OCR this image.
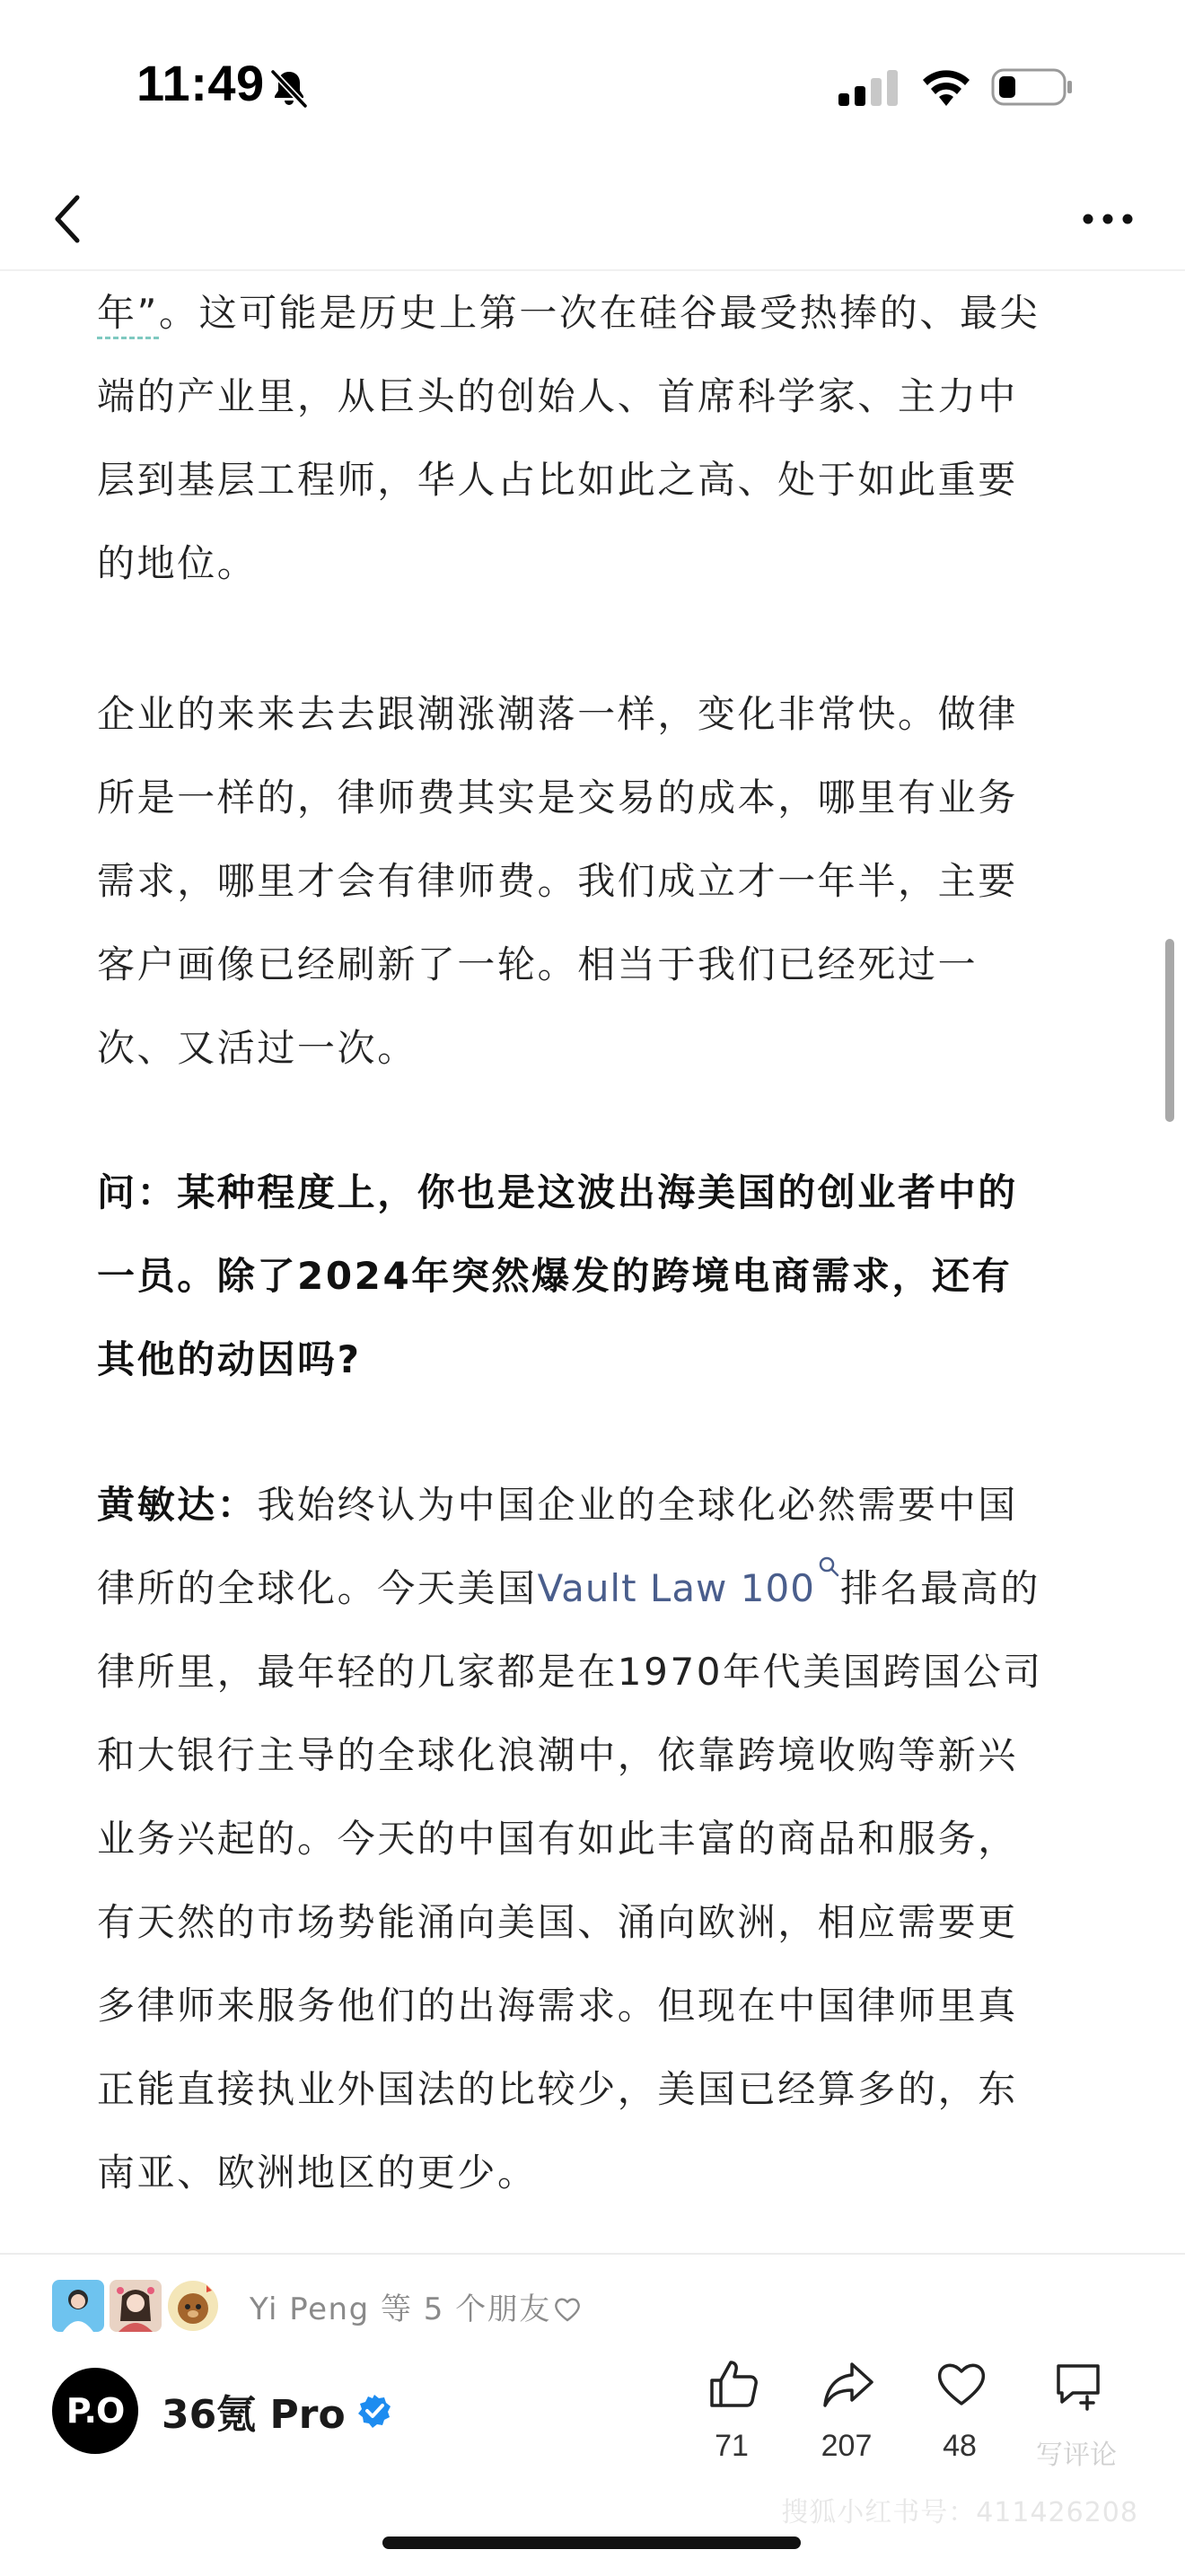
11:49
年”。这可能是历史上第一次在硅谷最受热捧的、最尖
端的产业里，从巨头的创始人、首席科学家、主力中
层到基层工程师，华人占比如此之高、处于如此重要
的地位。
企业的来来去去跟潮涨潮落一样，变化非常快。做律
所是一样的，律师费其实是交易的成本，哪里有业务
需求，哪里才会有律师费。我们成立才一年半，主要
客户画像已经刷新了一轮。相当于我们已经死过一
次、又活过一次。
问：某种程度上，你也是这波出海美国的创业者中的
一员。除了2024年突然爆发的跨境电商需求，还有
其他的动因吗?
黄敏达：我始终认为中国企业的全球化必然需要中国
律所的全球化。今天美国Vault Law 100 排名最高的
律所里，最年轻的几家都是在1970年代美国跨国公司
和大银行主导的全球化浪潮中，依靠跨境收购等新兴
业务兴起的。今天的中国有如此丰富的商品和服务，
有天然的市场势能涌向美国、涌向欧洲，相应需要更
多律师来服务他们的出海需求。但现在中国律师里真
正能直接执业外国法的比较少，美国已经算多的，东
南亚、欧洲地区的更少。
Yi Peng 等 5 个朋友
P.O 36氪 Pro
71	207	48	写评论
搜狐小红书号：411426208
